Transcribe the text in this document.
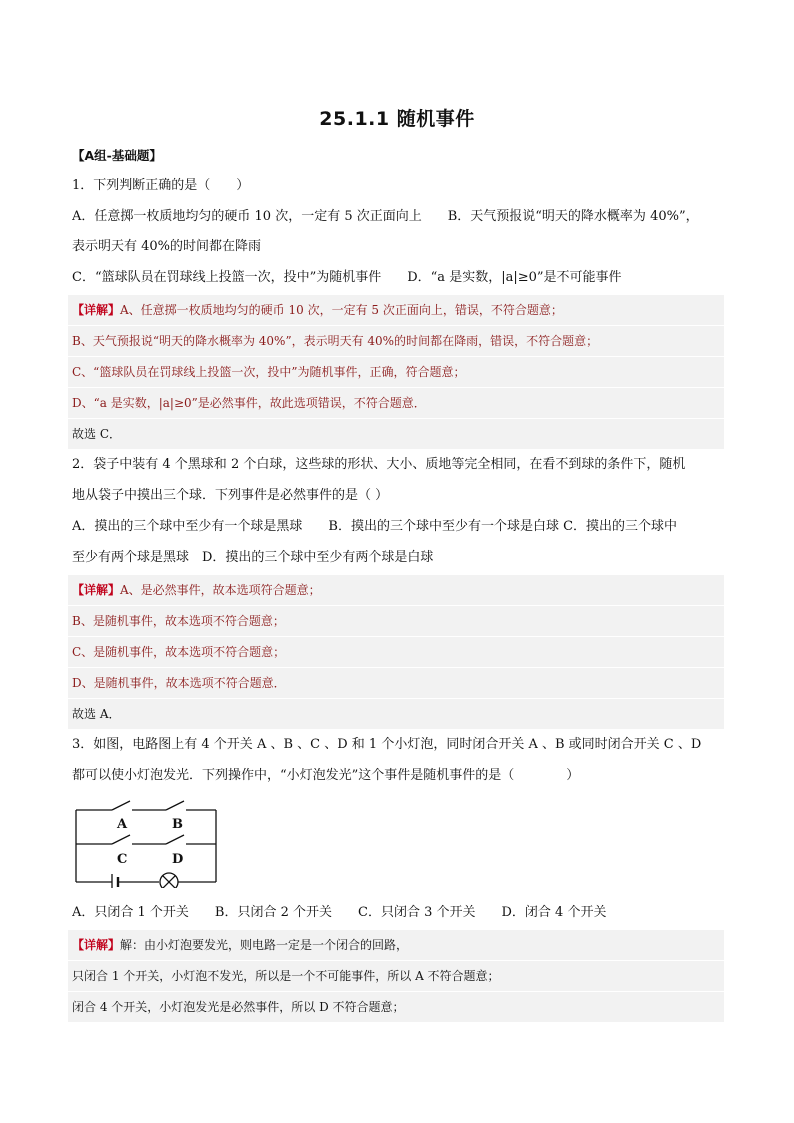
25.1.1 随机事件
【A组-基础题】
1．下列判断正确的是（　　）
A．任意掷一枚质地均匀的硬币 10 次，一定有 5 次正面向上　　B．天气预报说“明天的降水概率为 40%”，
表示明天有 40%的时间都在降雨
C．“篮球队员在罚球线上投篮一次，投中”为随机事件　　D．“a 是实数，|a|≥0”是不可能事件
【详解】A、任意掷一枚质地均匀的硬币 10 次，一定有 5 次正面向上，错误，不符合题意；
B、天气预报说“明天的降水概率为 40%”，表示明天有 40%的时间都在降雨，错误，不符合题意；
C、“篮球队员在罚球线上投篮一次，投中”为随机事件，正确，符合题意；
D、“a 是实数，|a|≥0”是必然事件，故此选项错误，不符合题意．
故选 C．
2．袋子中装有 4 个黑球和 2 个白球，这些球的形状、大小、质地等完全相同，在看不到球的条件下，随机
地从袋子中摸出三个球．下列事件是必然事件的是（ ）
A．摸出的三个球中至少有一个球是黑球　　B．摸出的三个球中至少有一个球是白球 C．摸出的三个球中
至少有两个球是黑球　D．摸出的三个球中至少有两个球是白球
【详解】A、是必然事件，故本选项符合题意；
B、是随机事件，故本选项不符合题意；
C、是随机事件，故本选项不符合题意；
D、是随机事件，故本选项不符合题意．
故选 A．
3．如图，电路图上有 4 个开关 A 、B 、C 、D 和 1 个小灯泡，同时闭合开关 A 、B 或同时闭合开关 C 、D
都可以使小灯泡发光．下列操作中，“小灯泡发光”这个事件是随机事件的是（　　　　）
A	B
C	D
A．只闭合 1 个开关　　B．只闭合 2 个开关　　C．只闭合 3 个开关　　D．闭合 4 个开关
【详解】解：由小灯泡要发光，则电路一定是一个闭合的回路，
只闭合 1 个开关，小灯泡不发光，所以是一个不可能事件，所以 A 不符合题意；
闭合 4 个开关，小灯泡发光是必然事件，所以 D 不符合题意；
